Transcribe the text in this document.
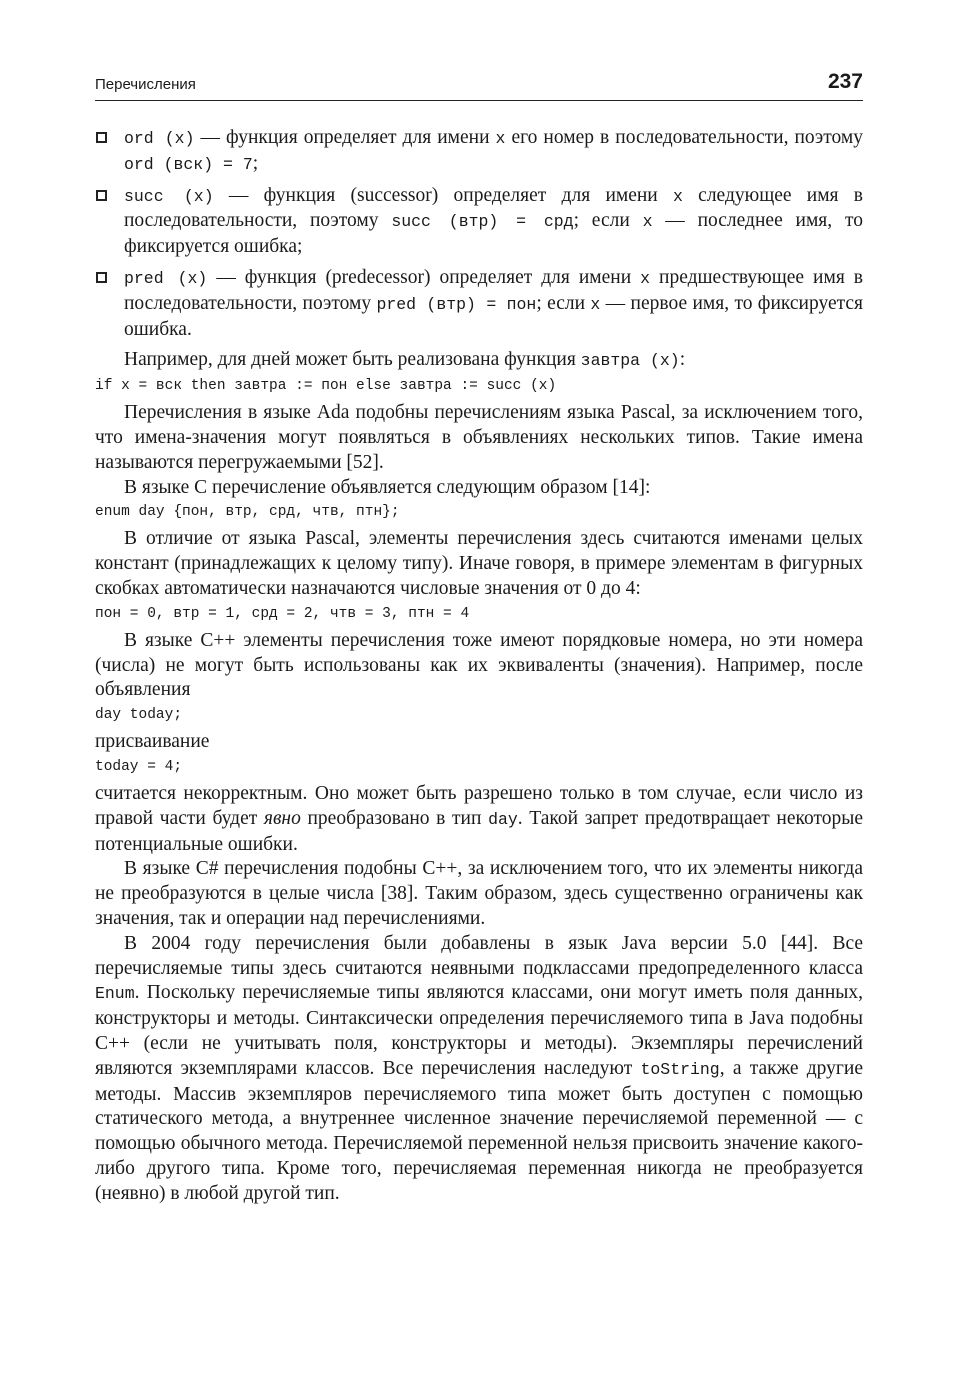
Перечисления	237
ord (x) — функция определяет для имени x его номер в последовательности, поэтому ord (вск) = 7;
succ (x) — функция (successor) определяет для имени x следующее имя в последовательности, поэтому succ (втр) = срд; если x — последнее имя, то фиксируется ошибка;
pred (x) — функция (predecessor) определяет для имени x предшествующее имя в последовательности, поэтому pred (втр) = пон; если x — первое имя, то фиксируется ошибка.

Например, для дней может быть реализована функция завтра (x):

if x = вск then завтра := пон else завтра := succ (x)

Перечисления в языке Ada подобны перечислениям языка Pascal, за исключением того, что имена-значения могут появляться в объявлениях нескольких типов. Такие имена называются перегружаемыми [52].

В языке C перечисление объявляется следующим образом [14]:

enum day {пон, втр, срд, чтв, птн};

В отличие от языка Pascal, элементы перечисления здесь считаются именами целых констант (принадлежащих к целому типу). Иначе говоря, в примере элементам в фигурных скобках автоматически назначаются числовые значения от 0 до 4:

пон = 0, втр = 1, срд = 2, чтв = 3, птн = 4

В языке C++ элементы перечисления тоже имеют порядковые номера, но эти номера (числа) не могут быть использованы как их эквиваленты (значения). Например, после объявления

day today;

присваивание

today = 4;

считается некорректным. Оно может быть разрешено только в том случае, если число из правой части будет явно преобразовано в тип day. Такой запрет предотвращает некоторые потенциальные ошибки.

В языке C# перечисления подобны C++, за исключением того, что их элементы никогда не преобразуются в целые числа [38]. Таким образом, здесь существенно ограничены как значения, так и операции над перечислениями.

В 2004 году перечисления были добавлены в язык Java версии 5.0 [44]. Все перечисляемые типы здесь считаются неявными подклассами предопределенного класса Enum. Поскольку перечисляемые типы являются классами, они могут иметь поля данных, конструкторы и методы. Синтаксически определения перечисляемого типа в Java подобны C++ (если не учитывать поля, конструкторы и методы). Экземпляры перечислений являются экземплярами классов. Все перечисления наследуют toString, а также другие методы. Массив экземпляров перечисляемого типа может быть доступен с помощью статического метода, а внутреннее численное значение перечисляемой переменной — с помощью обычного метода. Перечисляемой переменной нельзя присвоить значение какого-либо другого типа. Кроме того, перечисляемая переменная никогда не преобразуется (неявно) в любой другой тип.
